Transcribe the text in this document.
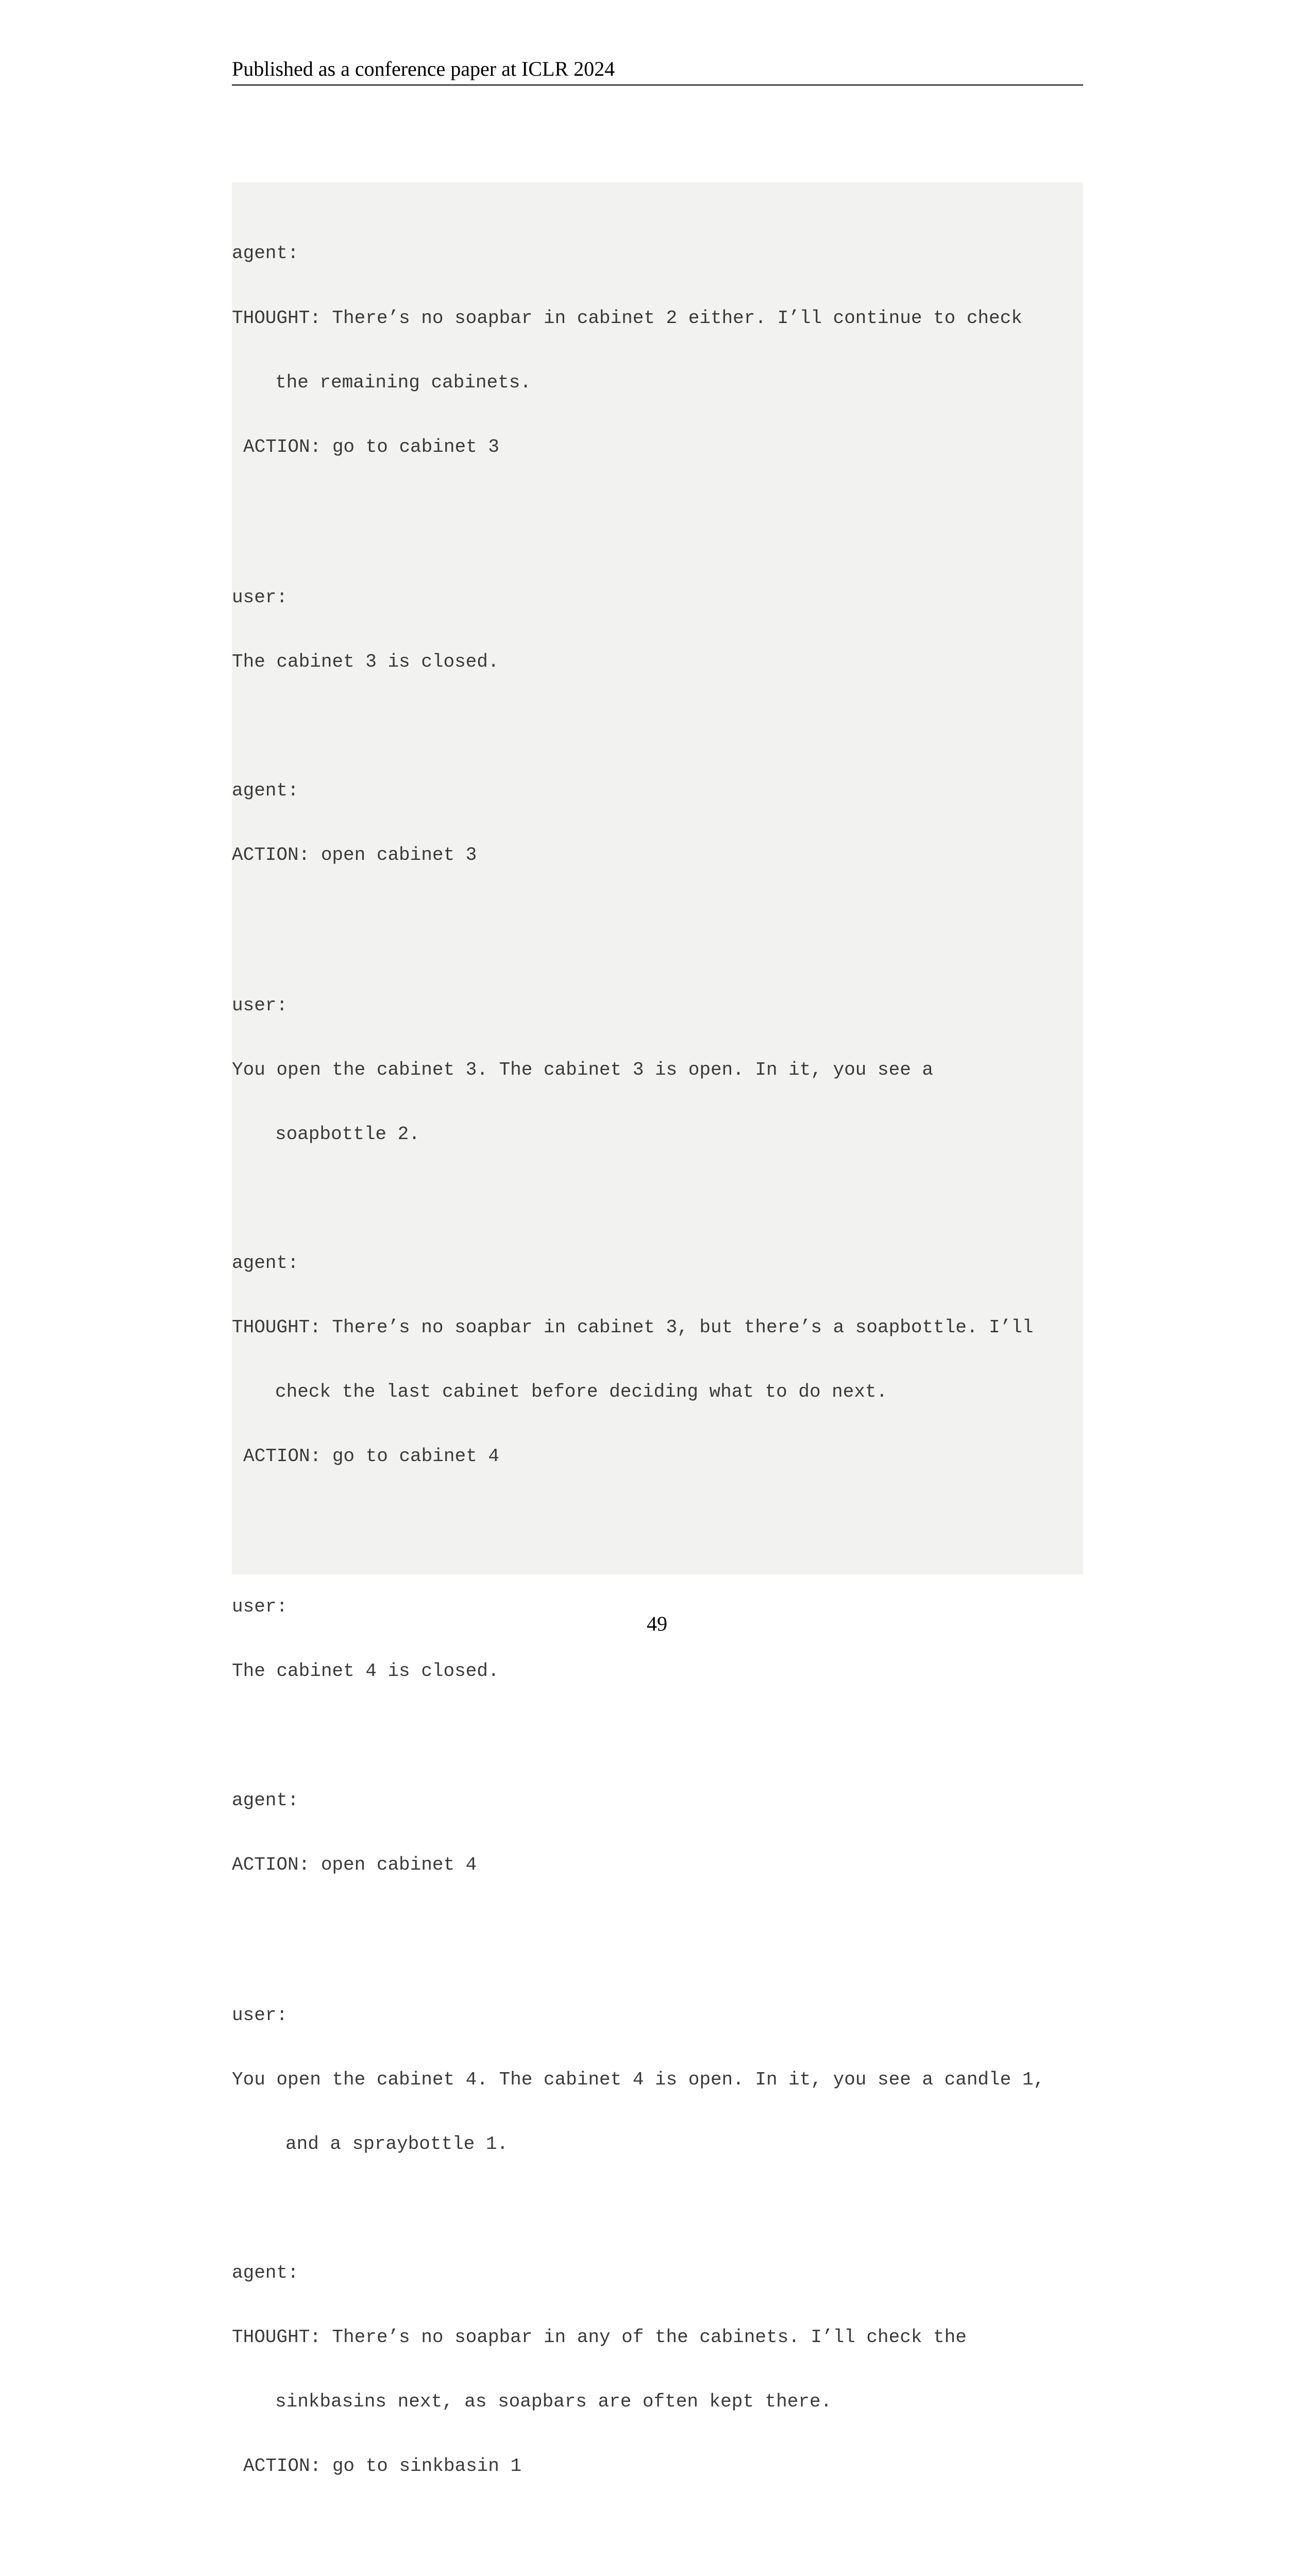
Published as a conference paper at ICLR 2024

agent:

THOUGHT: There’s no soapbar in cabinet 2 either. I’ll continue to check

the remaining cabinets.

ACTION: go to cabinet 3

user:

The cabinet 3 is closed.

agent:

ACTION: open cabinet 3

user:

You open the cabinet 3. The cabinet 3 is open. In it, you see a

soapbottle 2.

agent:

THOUGHT: There’s no soapbar in cabinet 3, but there’s a soapbottle. I’ll

check the last cabinet before deciding what to do next.

ACTION: go to cabinet 4

user:

The cabinet 4 is closed.

agent:

ACTION: open cabinet 4

user:

You open the cabinet 4. The cabinet 4 is open. In it, you see a candle 1,

and a spraybottle 1.

agent:

THOUGHT: There’s no soapbar in any of the cabinets. I’ll check the

sinkbasins next, as soapbars are often kept there.

ACTION: go to sinkbasin 1

49
